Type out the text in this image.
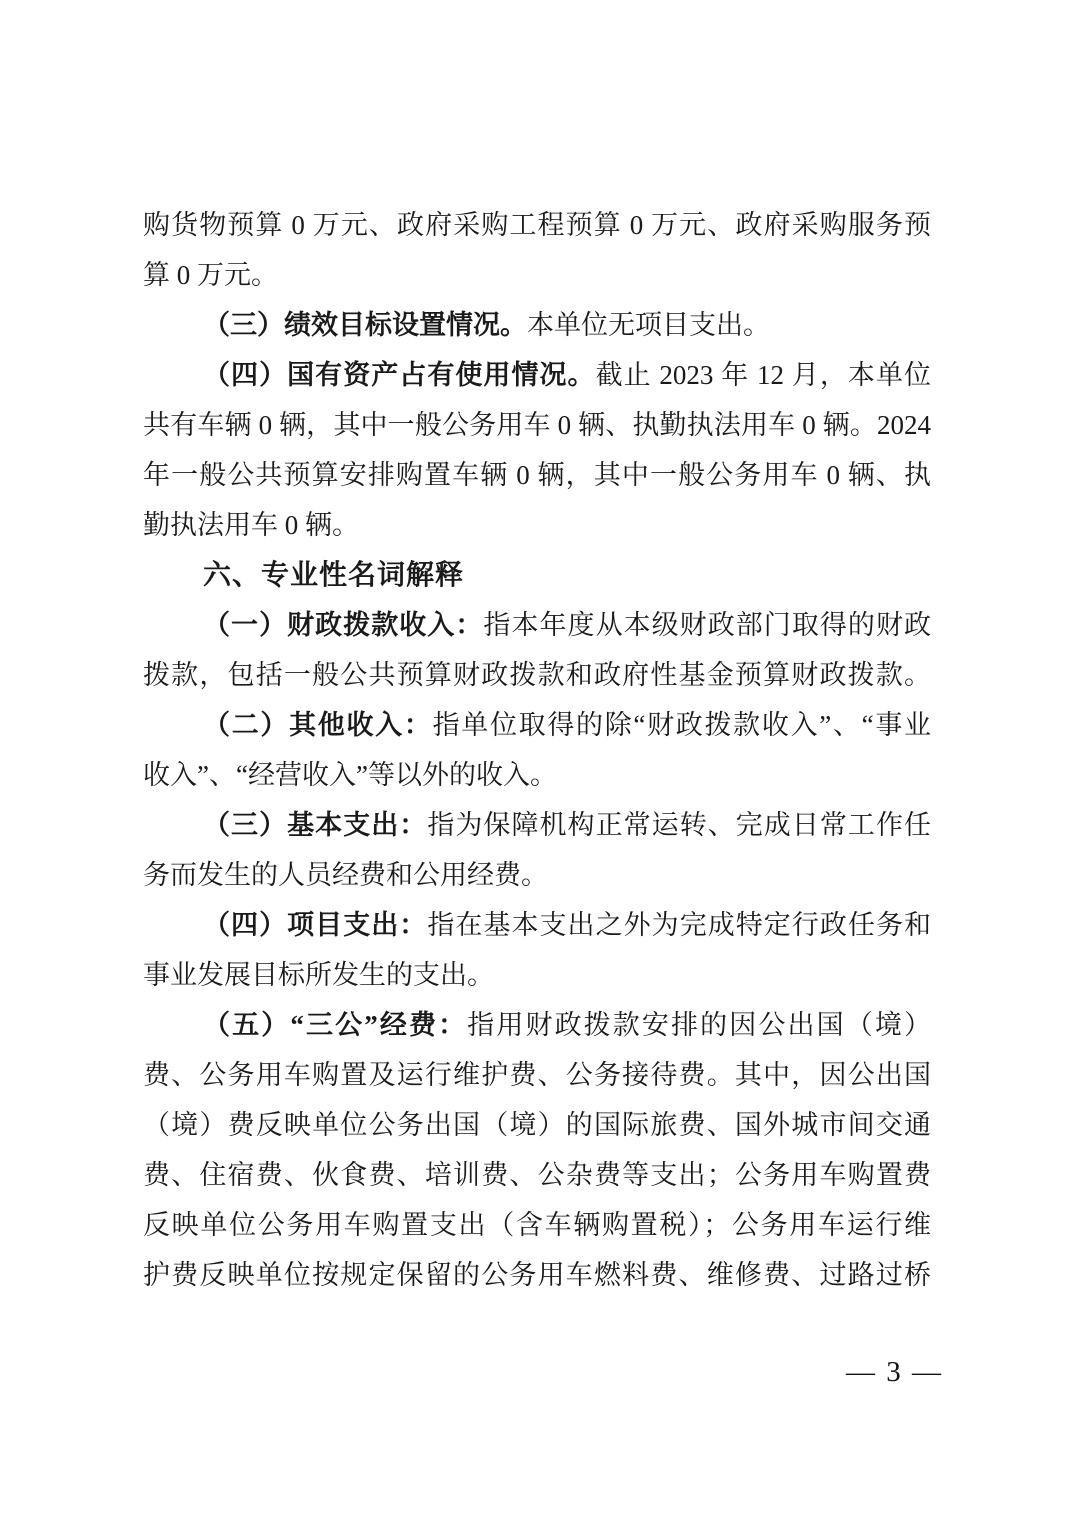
购货物预算 0 万元、政府采购工程预算 0 万元、政府采购服务预
算 0 万元。
（三）绩效目标设置情况。本单位无项目支出。
（四）国有资产占有使用情况。截止 2023 年 12 月，本单位
共有车辆 0 辆，其中一般公务用车 0 辆、执勤执法用车 0 辆。2024
年一般公共预算安排购置车辆 0 辆，其中一般公务用车 0 辆、执
勤执法用车 0 辆。
六、专业性名词解释
（一）财政拨款收入：指本年度从本级财政部门取得的财政
拨款，包括一般公共预算财政拨款和政府性基金预算财政拨款。
（二）其他收入：指单位取得的除“财政拨款收入”、“事业
收入”、“经营收入”等以外的收入。
（三）基本支出：指为保障机构正常运转、完成日常工作任
务而发生的人员经费和公用经费。
（四）项目支出：指在基本支出之外为完成特定行政任务和
事业发展目标所发生的支出。
（五）“三公”经费：指用财政拨款安排的因公出国（境）
费、公务用车购置及运行维护费、公务接待费。其中，因公出国
（境）费反映单位公务出国（境）的国际旅费、国外城市间交通
费、住宿费、伙食费、培训费、公杂费等支出；公务用车购置费
反映单位公务用车购置支出（含车辆购置税）；公务用车运行维
护费反映单位按规定保留的公务用车燃料费、维修费、过路过桥
— 3 —
